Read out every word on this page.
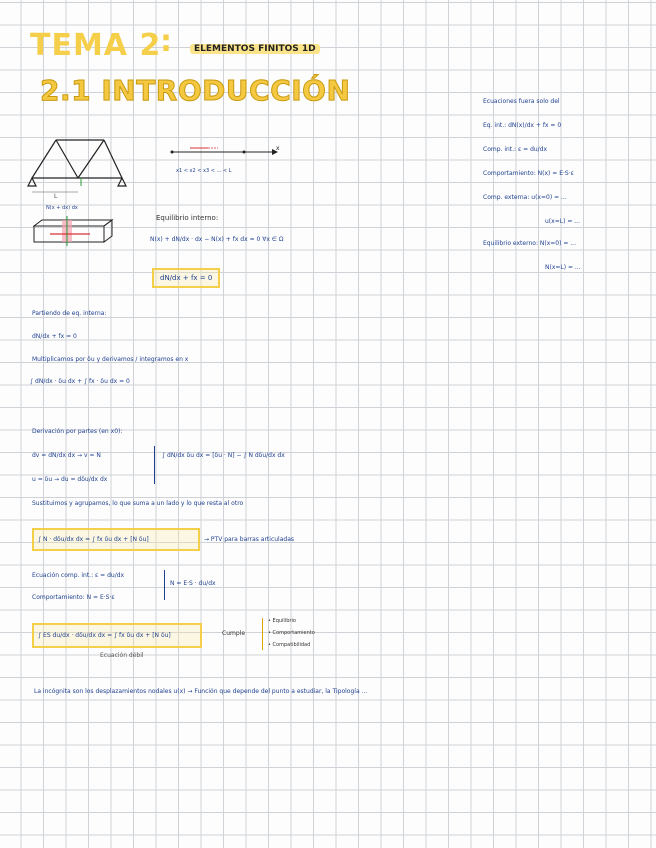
TEMA 2
:	ELEMENTOS FINITOS 1D
2.1 INTRODUCCIÓN	Ecuaciones fuera solo del
Eq. int.: dN(x)/dx + fx = 0
Comp. int.: ε = du/dx
Comportamiento: N(x) = E·S·ε
Comp. externa: u(x=0) = ...
u(x=L) = ...
Equilibrio externo: N(x=0) = ...
N(x=L) = ...
L
x
x1 < x2 < x3 < ... < L
N(x + dx) dx
Equilibrio interno:
N(x) + dN/dx · dx − N(x) + fx dx = 0 ∀x ∈ Ω
dN/dx + fx = 0
Partiendo de eq. interna:
dN/dx + fx = 0
Multiplicamos por δu y derivamos / integramos en x
∫ dN/dx · δu dx + ∫ fx · δu dx = 0
Derivación por partes (en x0):
dv = dN/dx dx → v = N
u = δu → du = dδu/dx dx
∫ dN/dx δu dx = [δu · N] − ∫ N dδu/dx dx
Sustituimos y agrupamos, lo que suma a un lado y lo que resta al otro
∫ N · dδu/dx dx = ∫ fx δu dx + [N δu]	→ PTV para barras articuladas
Ecuación comp. int.: ε = du/dx
Comportamiento: N = E·S·ε
N = E·S · du/dx
∫ ES du/dx · dδu/dx dx = ∫ fx δu dx + [N δu]
Ecuación débil
Cumple
• Equilibrio
• Comportamiento
• Compatibilidad
La incógnita son los desplazamientos nodales u(x) → Función que depende del punto a estudiar, la Tipología ...
